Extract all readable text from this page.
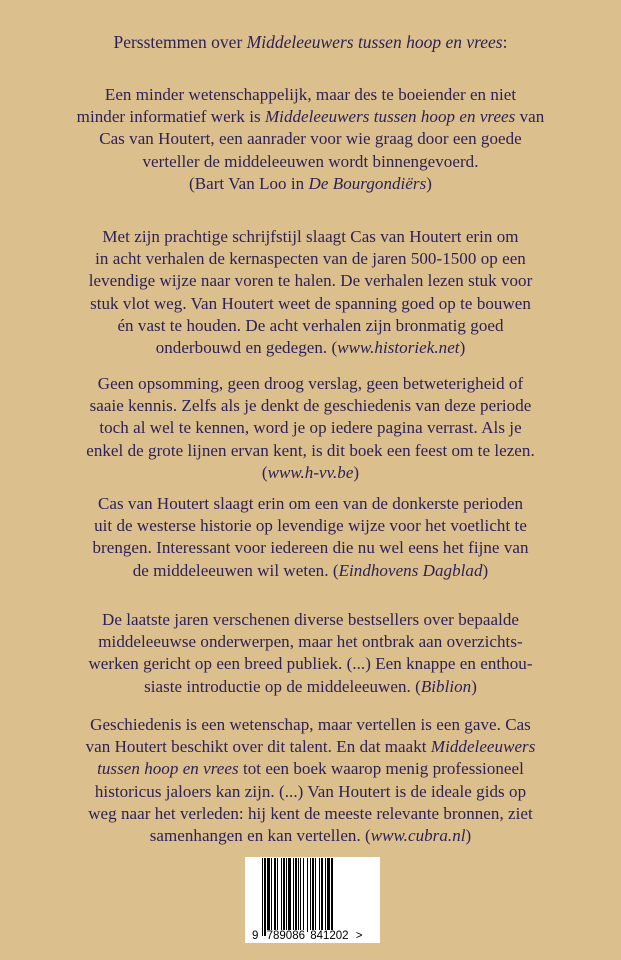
Persstemmen over Middeleeuwers tussen hoop en vrees:
Een minder wetenschappelijk, maar des te boeiender en niet
minder informatief werk is Middeleeuwers tussen hoop en vrees van
Cas van Houtert, een aanrader voor wie graag door een goede
verteller de middeleeuwen wordt binnengevoerd.
(Bart Van Loo in De Bourgondiërs)
Met zijn prachtige schrijfstijl slaagt Cas van Houtert erin om
in acht verhalen de kernaspecten van de jaren 500-1500 op een
levendige wijze naar voren te halen. De verhalen lezen stuk voor
stuk vlot weg. Van Houtert weet de spanning goed op te bouwen
én vast te houden. De acht verhalen zijn bronmatig goed
onderbouwd en gedegen. (www.historiek.net)
Geen opsomming, geen droog verslag, geen betweterigheid of
saaie kennis. Zelfs als je denkt de geschiedenis van deze periode
toch al wel te kennen, word je op iedere pagina verrast. Als je
enkel de grote lijnen ervan kent, is dit boek een feest om te lezen.
(www.h-vv.be)
Cas van Houtert slaagt erin om een van de donkerste perioden
uit de westerse historie op levendige wijze voor het voetlicht te
brengen. Interessant voor iedereen die nu wel eens het fijne van
de middeleeuwen wil weten. (Eindhovens Dagblad)
De laatste jaren verschenen diverse bestsellers over bepaalde
middeleeuwse onderwerpen, maar het ontbrak aan overzichts-
werken gericht op een breed publiek. (...) Een knappe en enthou-
siaste introductie op de middeleeuwen. (Biblion)
Geschiedenis is een wetenschap, maar vertellen is een gave. Cas
van Houtert beschikt over dit talent. En dat maakt Middeleeuwers
tussen hoop en vrees tot een boek waarop menig professioneel
historicus jaloers kan zijn. (...) Van Houtert is de ideale gids op
weg naar het verleden: hij kent de meeste relevante bronnen, ziet
samenhangen en kan vertellen. (www.cubra.nl)
9 789086 841202 >
